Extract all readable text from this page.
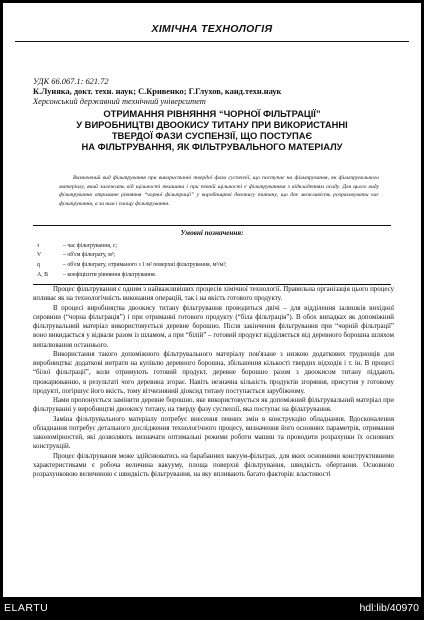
ХІМІЧНА ТЕХНОЛОГІЯ
УДК 66.067.1: 621.72
К.Луняка, докт. техн. наук; С.Кривенко; Г.Глухов, канд.техн.наук
Херсонський державний технічний університет
ОТРИМАННЯ РІВНЯННЯ “ЧОРНОЇ ФІЛЬТРАЦІЇ”
У ВИРОБНИЦТВІ ДВООКИСУ ТИТАНУ ПРИ ВИКОРИСТАННІ
ТВЕРДОЇ ФАЗИ СУСПЕНЗІЇ, ЩО ПОСТУПАЄ
НА ФІЛЬТРУВАННЯ, ЯК ФІЛЬТРУВАЛЬНОГО МАТЕРІАЛУ
Визначений вид фільтрування при використанні твердої фази суспензії, що поступає на фільтрування, як фільтрувального матеріалу, який залежить від щільності ткашина і при певній щільності є фільтруванням з відкладенням осаду. Для цього виду фільтрування отримане рівняння “чорної фільтрації” у виробництві двоокису титану, що дає можливість розраховувати час фільтрування, а за ним і площу фільтрування.
Умовні позначення:
τ	– час фільтрування, с;
V	– об'єм фільтрату, м³;
q	– об'єм фільтрату, отриманого з 1 м² поверхні фільтрування, м³/м²;
A, B	– коефіцієнти рівняння фільтрування.

Процес фільтрування є одним з найважливіших процесів хімічної технології. Правильна організація цього процесу впливає як на технологічність виконання операцій, так і на якість готового продукту.

В процесі виробництва двоокису титану фільтрування проводиться двічі – для відділення залишків вихідної сировини (“чорна фільтрація”) і при отриманні готового продукту (“біла фільтрація”). В обох випадках як допоміжний фільтрувальний матеріал використовується деревне борошно. Після закінчення фільтрування при “чорній фільтрації” воно викидається у відвали разом із шламом, а при “білій” – готовий продукт відділяється від деревного борошна шляхом випалювання останнього.

Використання такого допоміжного фільтрувального матеріалу пов'язане з низкою додаткових труднощів для виробництва: додаткові витрати на купівлю деревного борошна, збільшення кількості твердих відходів і т. ін. В процесі “білої фільтрації”, коли отримують готовий продукт, деревне борошно разом з двоокисом титану піддають прожарюванню, в результаті чого деревина згорає. Навіть незначна кількість продуктів згоряння, присутня у готовому продукті, погіршує його якість, тому вітчизняний діоксид титану поступається зарубіжному.

Нами пропонується замінити деревне борошно, яке використовується як допоміжний фільтрувальний матеріал при фільтруванні у виробництві двоокису титану, на тверду фазу суспензії, яка поступає на фільтрування.

Заміна фільтрувального матеріалу потребує внесення певних змін в конструкцію обладнання. Вдосконалення обладнання потребує детального дослідження технологічного процесу, визначення його основних параметрів, отримання закономірностей, які дозволяють визначати оптимальні режими роботи машин та проводити розрахунки їх основних конструкцій.

Процес фільтрування може здійснюватись на барабанних вакуум-фільтрах, для яких основними конструктивними характеристиками є робоча величина вакууму, площа поверхні фільтрування, швидкість обертання. Основною розрахунковою величиною є швидкість фільтрування, на яку впливають багато факторів: властивості

ELARTU	hdl:lib/40970
